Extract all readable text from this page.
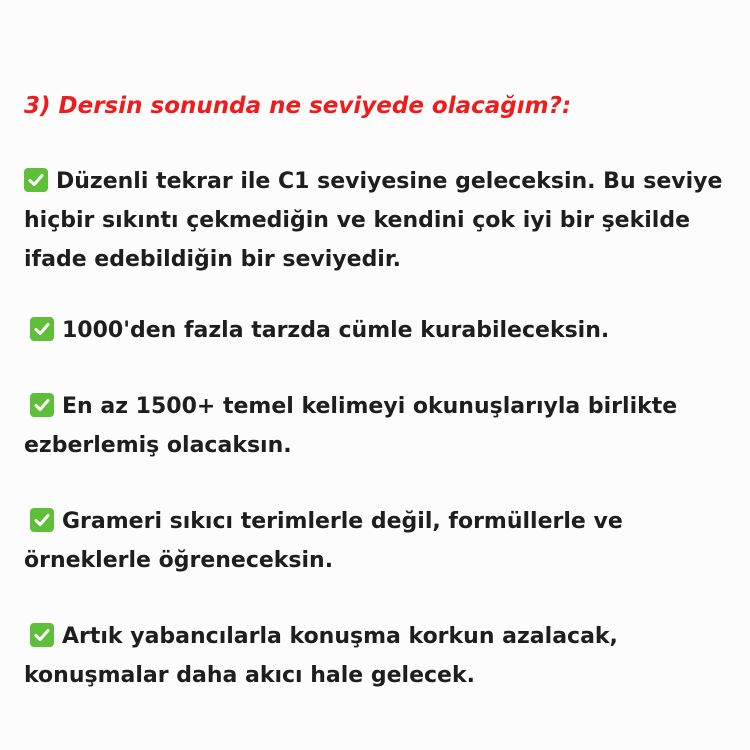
3) Dersin sonunda ne seviyede olacağım?:

Düzenli tekrar ile C1 seviyesine geleceksin. Bu seviye hiçbir sıkıntı çekmediğin ve kendini çok iyi bir şekilde ifade edebildiğin bir seviyedir.

1000'den fazla tarzda cümle kurabileceksin.

En az 1500+ temel kelimeyi okunuşlarıyla birlikte ezberlemiş olacaksın.

Grameri sıkıcı terimlerle değil, formüllerle ve örneklerle öğreneceksin.

Artık yabancılarla konuşma korkun azalacak, konuşmalar daha akıcı hale gelecek.
